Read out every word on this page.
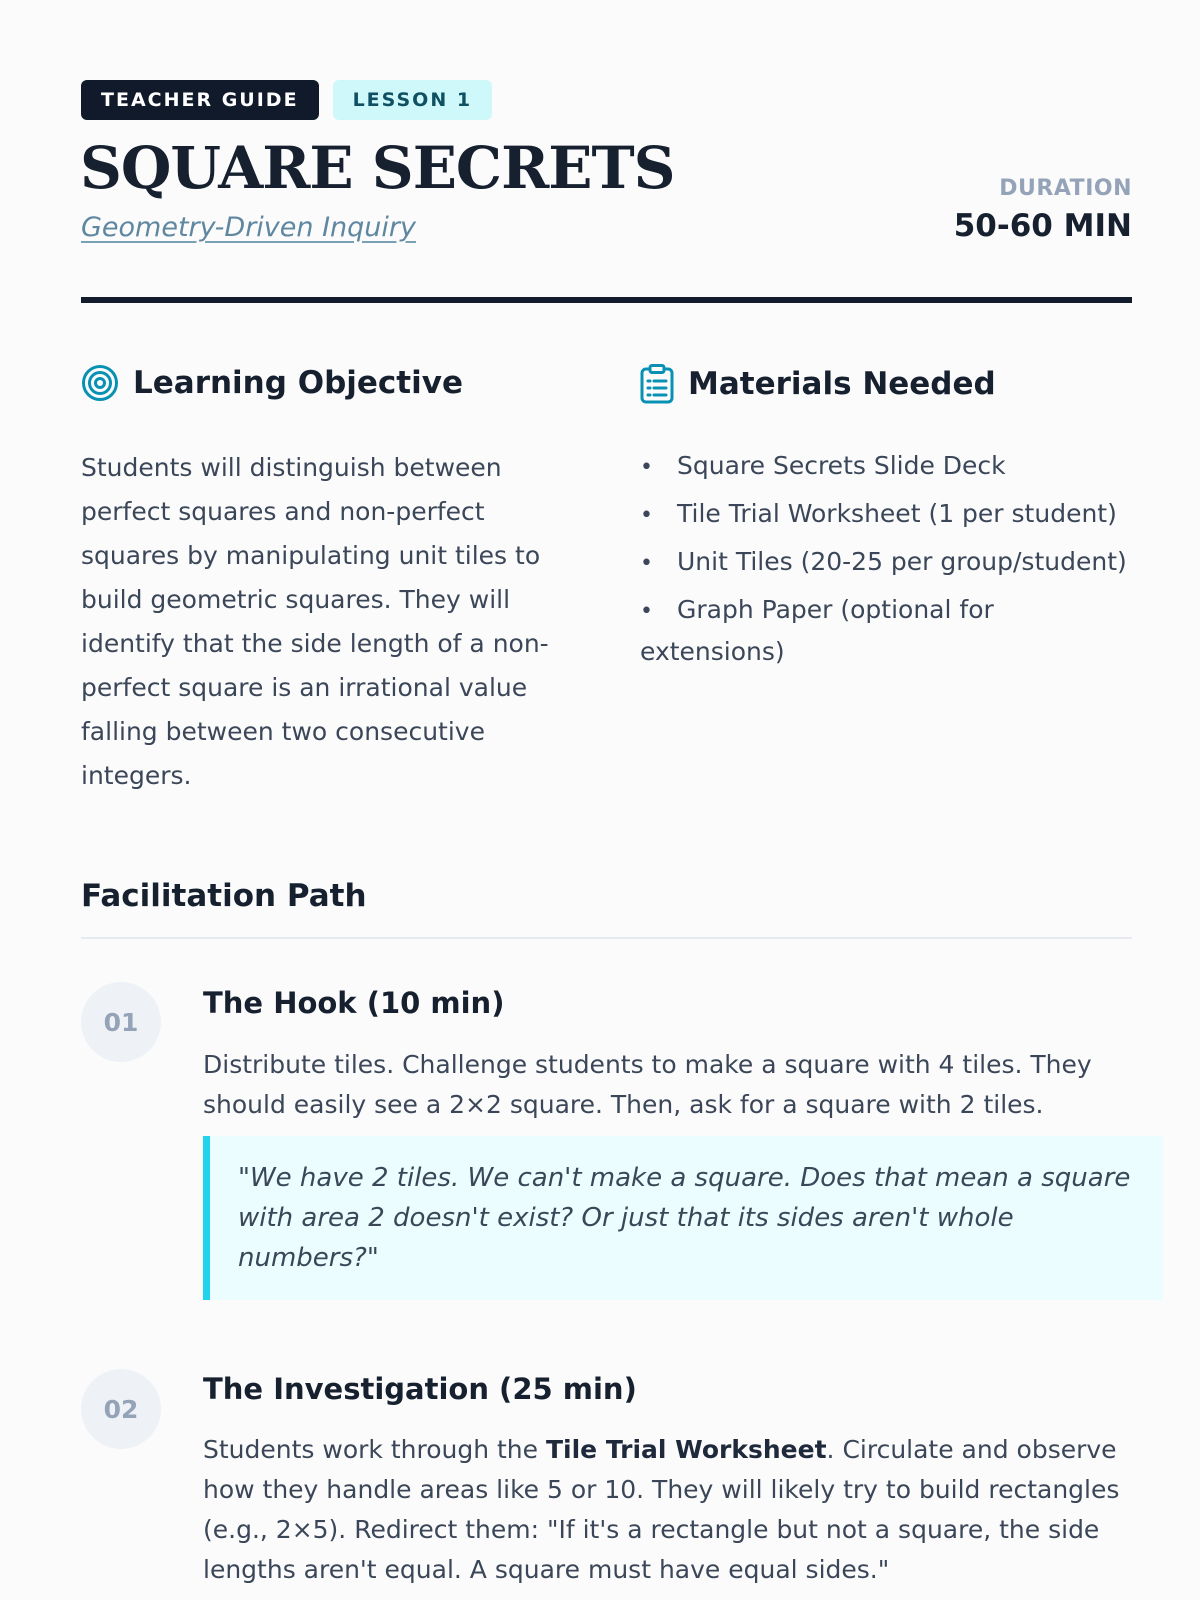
TEACHER GUIDE	LESSON 1
SQUARE SECRETS
Geometry-Driven Inquiry
DURATION
50-60 MIN
Learning Objective

Students will distinguish between perfect squares and non-perfect squares by manipulating unit tiles to build geometric squares. They will identify that the side length of a non-perfect square is an irrational value falling between two consecutive integers.

Materials Needed
• Square Secrets Slide Deck
• Tile Trial Worksheet (1 per student)
• Unit Tiles (20-25 per group/student)
• Graph Paper (optional for extensions)
Facilitation Path
01
The Hook (10 min)

Distribute tiles. Challenge students to make a square with 4 tiles. They should easily see a 2×2 square. Then, ask for a square with 2 tiles.

"We have 2 tiles. We can't make a square. Does that mean a square with area 2 doesn't exist? Or just that its sides aren't whole numbers?"
02
The Investigation (25 min)

Students work through the Tile Trial Worksheet. Circulate and observe how they handle areas like 5 or 10. They will likely try to build rectangles (e.g., 2×5). Redirect them: "If it's a rectangle but not a square, the side lengths aren't equal. A square must have equal sides."
